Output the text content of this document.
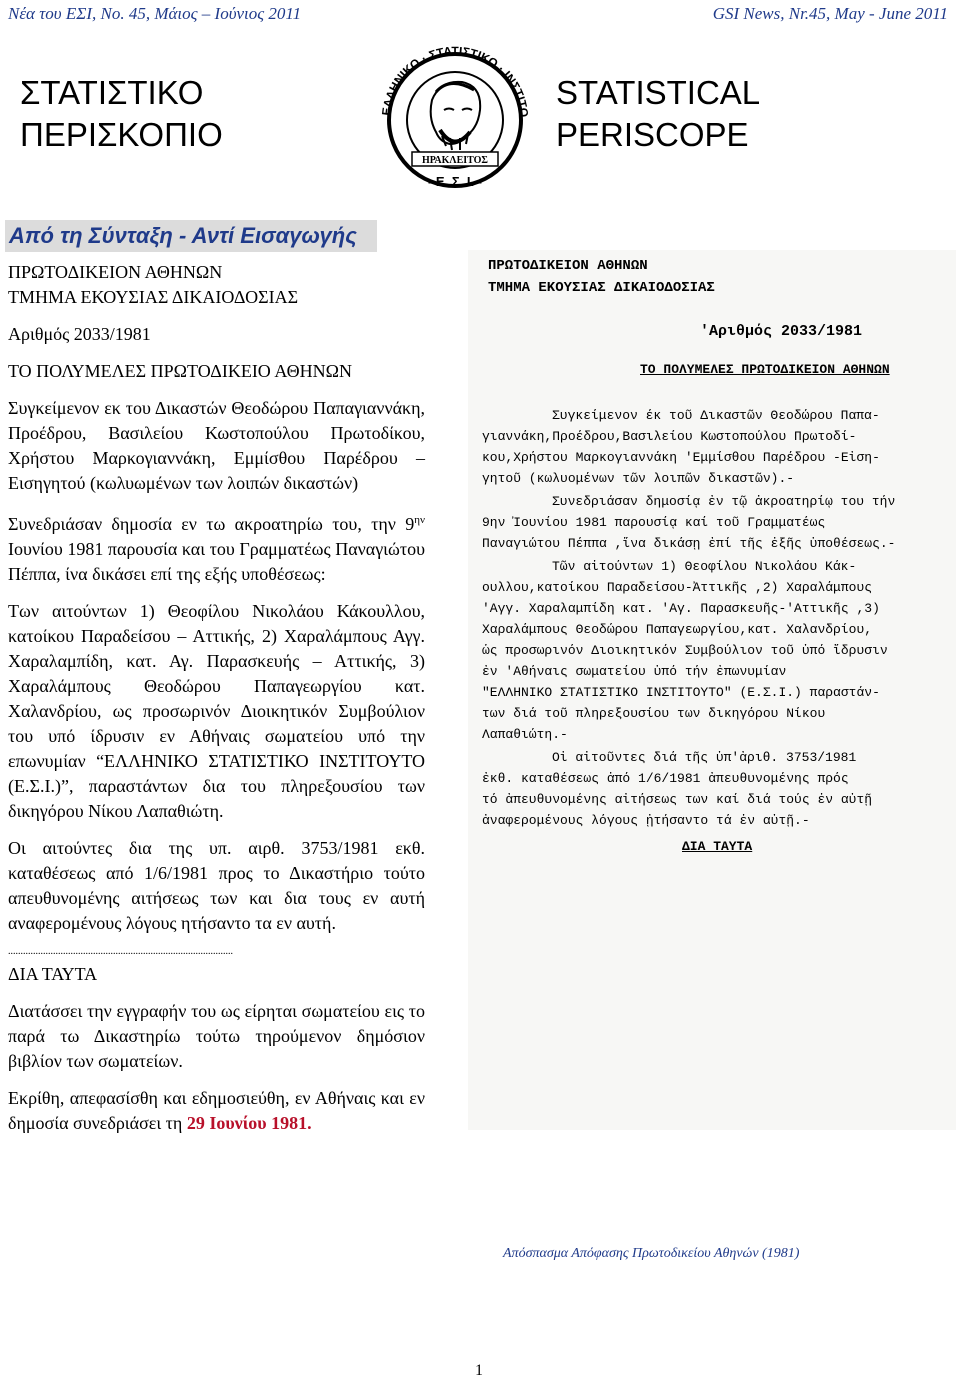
Νέα του ΕΣΙ, Νο. 45, Μάιος – Ιούνιος 2011	GSI News, Nr.45, May - June 2011
ΣΤΑΤΙΣΤΙΚΟ
ΠΕΡΙΣΚΟΠΙΟ
STATISTICAL
PERISCOPE
ΕΛΛΗΝΙΚΟ · ΣΤΑΤΙΣΤΙΚΟ · ΙΝΣΤΙΤΟ
ΗΡΑΚΛΕΙΤΟΣ
- Ε. Σ. Ι. -
Από τη Σύνταξη - Αντί Εισαγωγής
ΠΡΩΤΟΔΙΚΕΙΟΝ ΑΘΗΝΩΝ
ΤΜΗΜΑ ΕΚΟΥΣΙΑΣ ΔΙΚΑΙΟΔΟΣΙΑΣ
Αριθμός 2033/1981
ΤΟ ΠΟΛΥΜΕΛΕΣ ΠΡΩΤΟΔΙΚΕΙΟ ΑΘΗΝΩΝ
Συγκείμενον εκ του Δικαστών Θεοδώρου Παπαγιαννάκη, Προέδρου, Βασιλείου Κωστοπούλου Πρωτοδίκου, Χρήστου Μαρκογιαννάκη, Εμμίσθου Παρέδρου – Εισηγητού (κωλυωμένων των λοιπών δικαστών)
Συνεδριάσαν δημοσία εν τω ακροατηρίω του, την $9^{\eta\nu}$ Ιουνίου 1981 παρουσία και του Γραμματέως Παναγιώτου Πέππα, ίνα δικάσει επί της εξής υποθέσεως:
Των αιτούντων 1) Θεοφίλου Νικολάου Κάκουλλου, κατοίκου Παραδείσου – Αττικής, 2) Χαραλάμπους Αγγ. Χαραλαμπίδη, κατ. Αγ. Παρασκευής – Αττικής, 3) Χαραλάμπους Θεοδώρου Παπαγεωργίου κατ. Χαλανδρίου, ως προσωρινόν Διοικητικόν Συμβούλιον του υπό ίδρυσιν εν Αθήναις σωματείου υπό την επωνυμίαν “ΕΛΛΗΝΙΚΟ ΣΤΑΤΙΣΤΙΚΟ ΙΝΣΤΙΤΟΥΤΟ (Ε.Σ.Ι.)”, παραστάντων δια του πληρεξουσίου των δικηγόρου Νίκου Λαπαθιώτη.
Οι αιτούντες δια της υπ. αιρθ. 3753/1981 εκθ. καταθέσεως από 1/6/1981 προς το Δικαστήριο τούτο απευθυνομένης αιτήσεως των και δια τους εν αυτή αναφερομένους λόγους ητήσαντο τα εν αυτή.
..........................................................................................
ΔΙΑ ΤΑΥΤΑ
Διατάσσει την εγγραφήν του ως είρηται σωματείου εις το παρά τω Δικαστηρίω τούτω τηρούμενον δημόσιον βιβλίον των σωματείων.
Εκρίθη, απεφασίσθη και εδημοσιεύθη, εν Αθήναις και εν δημοσία συνεδριάσει τη 29 Ιουνίου 1981.
ΠΡΩΤΟΔΙΚΕΙΟΝ ΑΘΗΝΩΝ
ΤΜΗΜΑ ΕΚΟΥΣΙΑΣ ΔΙΚΑΙΟΔΟΣΙΑΣ
'Αριθμός 2033/1981
ΤΟ ΠΟΛΥΜΕΛΕΣ ΠΡΩΤΟΔΙΚΕΙΟΝ ΑΘΗΝΩΝ
Συγκείμενον έκ τοῦ Δικαστῶν Θεοδώρου Παπα-
γιαννάκη,Προέδρου,Βασιλείου Κωστοπούλου Πρωτοδί-
κου,Χρήστου Μαρκογιαννάκη 'Εμμίσθου Παρέδρου -Εἰση-
γητοῦ (κωλυομένων τῶν λοιπῶν δικαστῶν).-
Συνεδριάσαν δημοσίᾳ ἐν τῷ ἀκροατηρίῳ του τήν
9ην Ἰουνίου 1981 παρουσίᾳ καί τοῦ Γραμματέως
Παναγιώτου Πέππα ,ἵνα δικάσῃ ἐπί τῆς ἐξῆς ὑποθέσεως.-
Τῶν αἰτούντων 1) Θεοφίλου Νικολάου Κάκ-
ουλλου,κατοίκου Παραδείσου-Ἀττικῆς ,2) Χαραλάμπους
'Αγγ. Χαραλαμπίδη κατ. 'Αγ. Παρασκευῆς-'Αττικῆς ,3)
Χαραλάμπους Θεοδώρου Παπαγεωργίου,κατ. Χαλανδρίου,
ὡς προσωρινόν Διοικητικόν Συμβούλιον τοῦ ὑπό ἵδρυσιν
ἐν 'Αθήναις σωματείου ὑπό τήν ἐπωνυμίαν
"ΕΛΛΗΝΙΚΟ ΣΤΑΤΙΣΤΙΚΟ ΙΝΣΤΙΤΟΥΤΟ" (Ε.Σ.Ι.) παραστάν-
των διά τοῦ πληρεξουσίου των δικηγόρου Νίκου
Λαπαθιώτη.-
Οἱ αἰτοῦντες διά τῆς ὑπ'ἀριθ. 3753/1981
ἐκθ. καταθέσεως ἀπό 1/6/1981 ἀπευθυνομένης πρός
τό ἀπευθυνομένης αἰτήσεως των καί διά τούς ἐν αὐτῇ
ἀναφερομένους λόγους ᾐτήσαντο τά ἐν αὐτῇ.-
ΔΙΑ ΤΑΥΤΑ
Απόσπασμα Απόφασης Πρωτοδικείου Αθηνών (1981)
1
